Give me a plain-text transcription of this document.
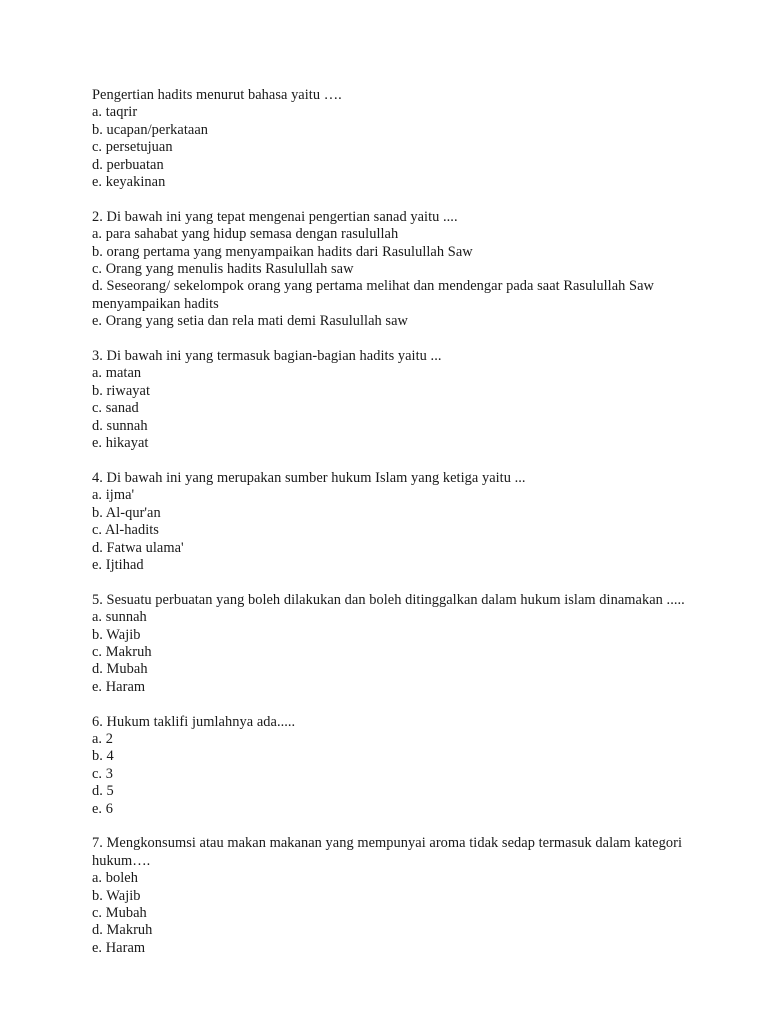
Pengertian hadits menurut bahasa yaitu ….
a. taqrir
b. ucapan/perkataan
c. persetujuan
d. perbuatan
e. keyakinan
2. Di bawah ini yang tepat mengenai pengertian sanad yaitu ....
a. para sahabat yang hidup semasa dengan rasulullah
b. orang pertama yang menyampaikan hadits dari Rasulullah Saw
c. Orang yang menulis hadits Rasulullah saw
d. Seseorang/ sekelompok orang yang pertama melihat dan mendengar pada saat Rasulullah Saw menyampaikan hadits
e. Orang yang setia dan rela mati demi Rasulullah saw
3. Di bawah ini yang termasuk bagian-bagian hadits yaitu ...
a. matan
b. riwayat
c. sanad
d. sunnah
e. hikayat
4. Di bawah ini yang merupakan sumber hukum Islam yang ketiga yaitu ...
a. ijma'
b. Al-qur'an
c. Al-hadits
d. Fatwa ulama'
e. Ijtihad
5. Sesuatu perbuatan yang boleh dilakukan dan boleh ditinggalkan dalam hukum islam dinamakan .....
a. sunnah
b. Wajib
c. Makruh
d. Mubah
e. Haram
6. Hukum taklifi jumlahnya ada.....
a. 2
b. 4
c. 3
d. 5
e. 6
7. Mengkonsumsi atau makan makanan yang mempunyai aroma tidak sedap termasuk dalam kategori hukum….
a. boleh
b. Wajib
c. Mubah
d. Makruh
e. Haram
